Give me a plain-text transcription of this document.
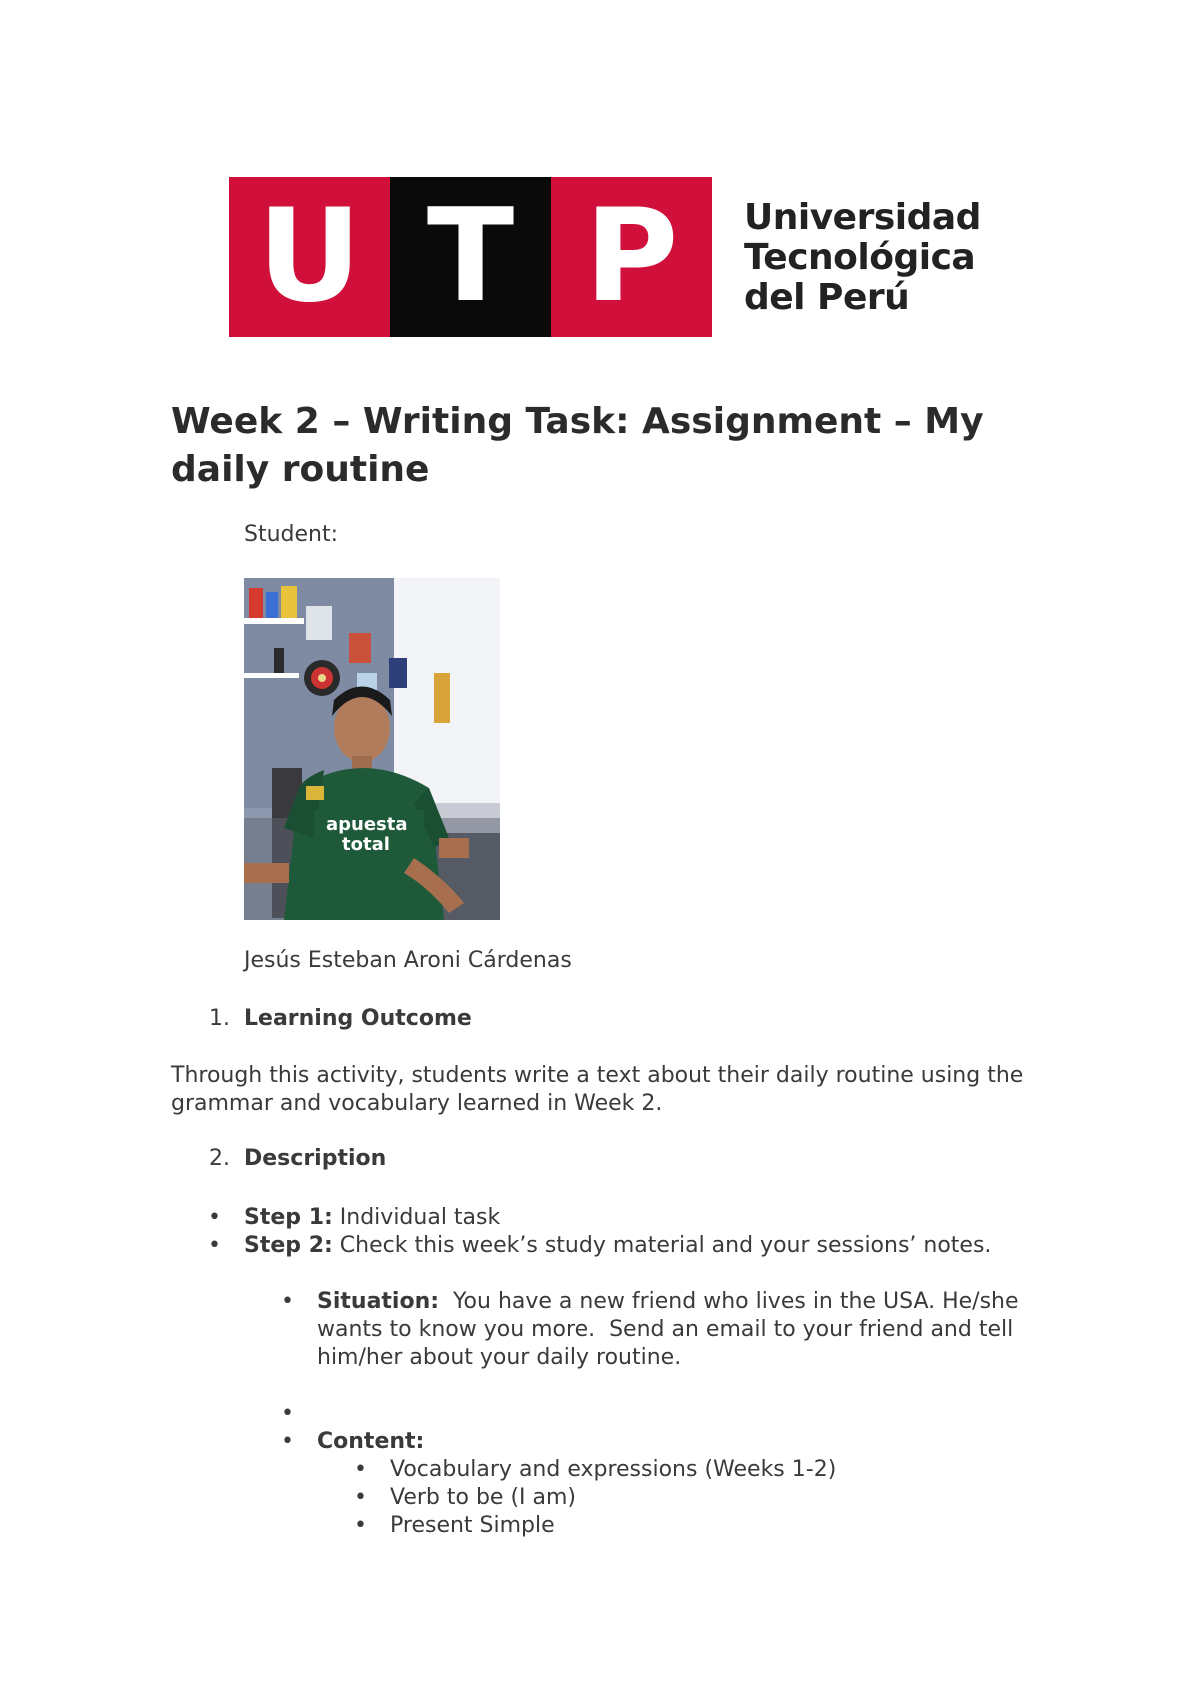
U T P	Universidad
Tecnológica
del Perú
Week 2 – Writing Task: Assignment – My daily routine
Student:
apuesta
total
Jesús Esteban Aroni Cárdenas
1. Learning Outcome
Through this activity, students write a text about their daily routine using the grammar and vocabulary learned in Week 2.
2. Description
• Step 1: Individual task
• Step 2: Check this week’s study material and your sessions’ notes.
• Situation:  You have a new friend who lives in the USA. He/she wants to know you more.  Send an email to your friend and tell him/her about your daily routine.
•
• Content:
• Vocabulary and expressions (Weeks 1-2)
• Verb to be (I am)
• Present Simple
